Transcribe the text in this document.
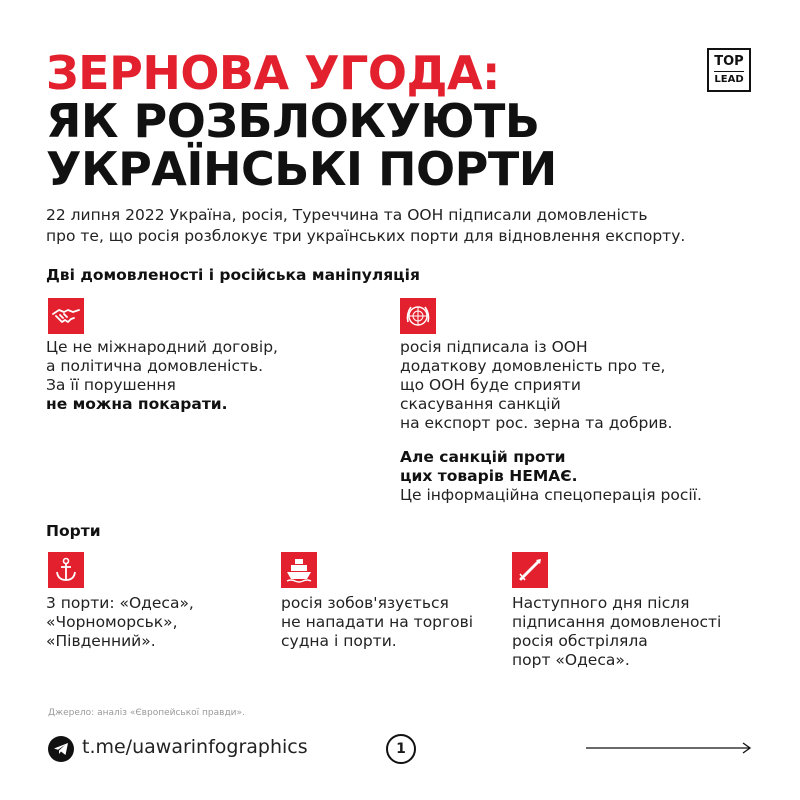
ЗЕРНОВА УГОДА:
ЯК РОЗБЛОКУЮТЬ
УКРАЇНСЬКІ ПОРТИ
TOP
LEAD
22 липня 2022 Україна, росія, Туреччина та ООН підписали домовленість
про те, що росія розблокує три українських порти для відновлення експорту.
Дві домовленості і російська маніпуляція
Це не міжнародний договір,
а політична домовленість.
За її порушення
не можна покарати.
росія підписала із ООН
додаткову домовленість про те,
що ООН буде сприяти
скасування санкцій
на експорт рос. зерна та добрив.
Але санкцій проти
цих товарів НЕМАЄ.
Це інформаційна спецоперація росії.
Порти
3 порти: «Одеса»,
«Чорноморськ»,
«Південний».
росія зобов'язується
не нападати на торгові
судна і порти.
Наступного дня після
підписання домовленості
росія обстріляла
порт «Одеса».
Джерело: аналіз «Європейської правди».
t.me/uawarinfographics	1
